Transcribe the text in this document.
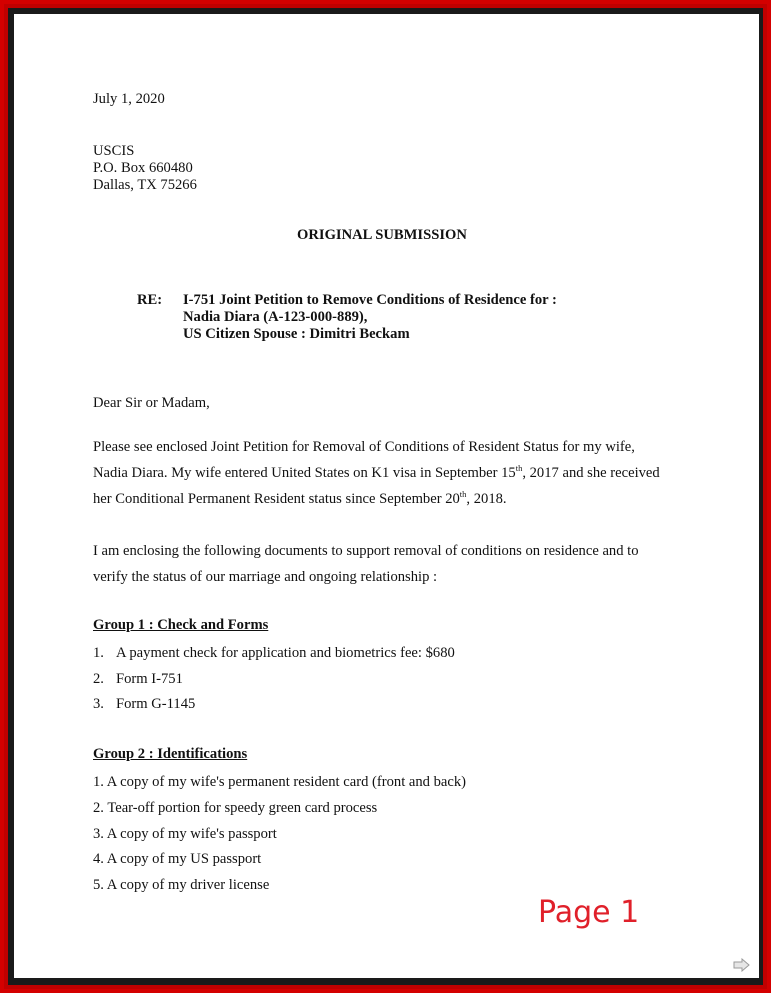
July 1, 2020

USCIS
P.O. Box 660480
Dallas, TX 75266

ORIGINAL SUBMISSION

RE: I-751 Joint Petition to Remove Conditions of Residence for :
Nadia Diara (A-123-000-889),
US Citizen Spouse : Dimitri Beckam

Dear Sir or Madam,

Please see enclosed Joint Petition for Removal of Conditions of Resident Status for my wife,
Nadia Diara. My wife entered United States on K1 visa in September 15th, 2017 and she received
her Conditional Permanent Resident status since September 20th, 2018.
I am enclosing the following documents to support removal of conditions on residence and to
verify the status of our marriage and ongoing relationship :

Group 1 : Check and Forms

1. A payment check for application and biometrics fee: $680
2. Form I-751
3. Form G-1145

Group 2 : Identifications

1. A copy of my wife's permanent resident card (front and back)
2. Tear-off portion for speedy green card process
3. A copy of my wife's passport
4. A copy of my US passport
5. A copy of my driver license

Page 1
